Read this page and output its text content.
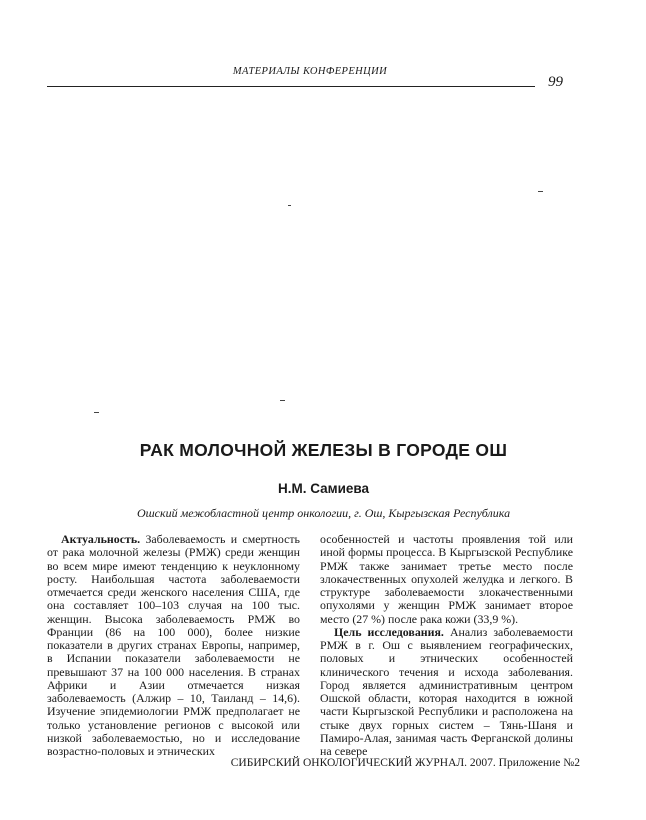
МАТЕРИАЛЫ КОНФЕРЕНЦИИ
99
РАК МОЛОЧНОЙ ЖЕЛЕЗЫ В ГОРОДЕ ОШ
Н.М. Самиева
Ошский межобластной центр онкологии, г. Ош, Кыргызская Республика

Актуальность. Заболеваемость и смертность от рака молочной железы (РМЖ) среди женщин во всем мире имеют тенденцию к неуклонному росту. Наибольшая частота заболеваемости отмечается среди женского населения США, где она составляет 100–103 случая на 100 тыс. женщин. Высока заболеваемость РМЖ во Франции (86 на 100 000), более низкие показатели в других странах Европы, например, в Испании показатели заболеваемости не превышают 37 на 100 000 населения. В странах Африки и Азии отмечается низкая заболеваемость (Алжир – 10, Таиланд – 14,6). Изучение эпидемиологии РМЖ предполагает не только установление регионов с высокой или низкой заболеваемостью, но и исследование возрастно-половых и этнических

особенностей и частоты проявления той или иной формы процесса. В Кыргызской Республике РМЖ также занимает третье место после злокачественных опухолей желудка и легкого. В структуре заболеваемости злокачественными опухолями у женщин РМЖ занимает второе место (27 %) после рака кожи (33,9 %).

Цель исследования. Анализ заболеваемости РМЖ в г. Ош с выявлением географических, половых и этнических особенностей клинического течения и исхода заболевания. Город является административным центром Ошской области, которая находится в южной части Кыргызской Республики и расположена на стыке двух горных систем – Тянь-Шаня и Памиро-Алая, занимая часть Ферганской долины на севере

СИБИРСКИЙ ОНКОЛОГИЧЕСКИЙ ЖУРНАЛ. 2007. Приложение №2
